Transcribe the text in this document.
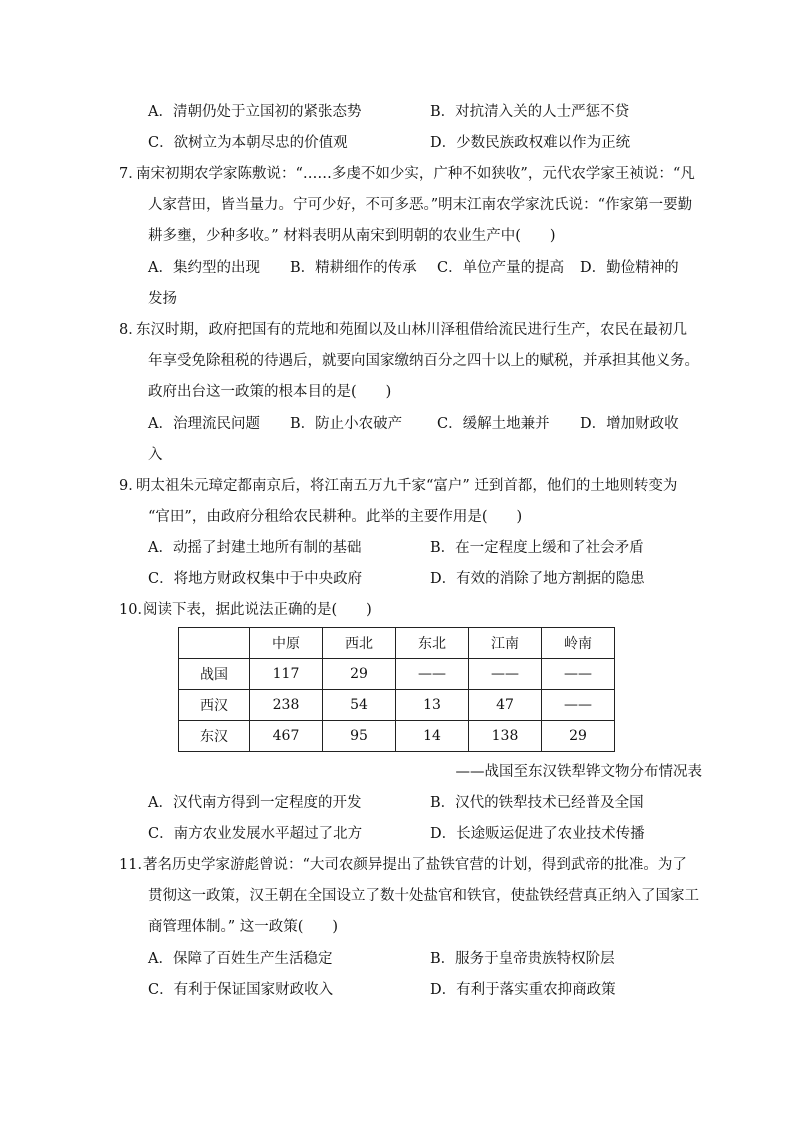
A．清朝仍处于立国初的紧张态势	B．对抗清入关的人士严惩不贷
C．欲树立为本朝尽忠的价值观	D．少数民族政权难以作为正统
7．
南宋初期农学家陈敷说：“……多虔不如少实，广种不如狭收”，元代农学家王祯说：“凡
人家营田，皆当量力。宁可少好，不可多恶。”明末江南农学家沈氏说：“作家第一要勤
耕多壅，少种多收。” 材料表明从南宋到明朝的农业生产中(　　)
A．集约型的出现 B．精耕细作的传承 C．单位产量的提高 D．勤俭精神的
发扬
8．
东汉时期，政府把国有的荒地和苑囿以及山林川泽租借给流民进行生产，农民在最初几
年享受免除租税的待遇后，就要向国家缴纳百分之四十以上的赋税，并承担其他义务。
政府出台这一政策的根本目的是(　　)
A．治理流民问题 B．防止小农破产 C．缓解土地兼并 D．增加财政收
入
9．
明太祖朱元璋定都南京后，将江南五万九千家“富户” 迁到首都，他们的土地则转变为
“官田”，由政府分租给农民耕种。此举的主要作用是(　　)
A．动摇了封建土地所有制的基础	B．在一定程度上缓和了社会矛盾
C．将地方财政权集中于中央政府	D．有效的消除了地方割据的隐患
10．
阅读下表，据此说法正确的是(　　)
	中原	西北	东北	江南	岭南
战国	117	29	——	——	——
西汉	238	54	13	47	——
东汉	467	95	14	138	29
——战国至东汉铁犁铧文物分布情况表
A．汉代南方得到一定程度的开发	B．汉代的铁犁技术已经普及全国
C．南方农业发展水平超过了北方	D．长途贩运促进了农业技术传播
11．
著名历史学家游彪曾说：“大司农颜异提出了盐铁官营的计划，得到武帝的批准。为了
贯彻这一政策，汉王朝在全国设立了数十处盐官和铁官，使盐铁经营真正纳入了国家工
商管理体制。” 这一政策(　　)
A．保障了百姓生产生活稳定	B．服务于皇帝贵族特权阶层
C．有利于保证国家财政收入	D．有利于落实重农抑商政策
